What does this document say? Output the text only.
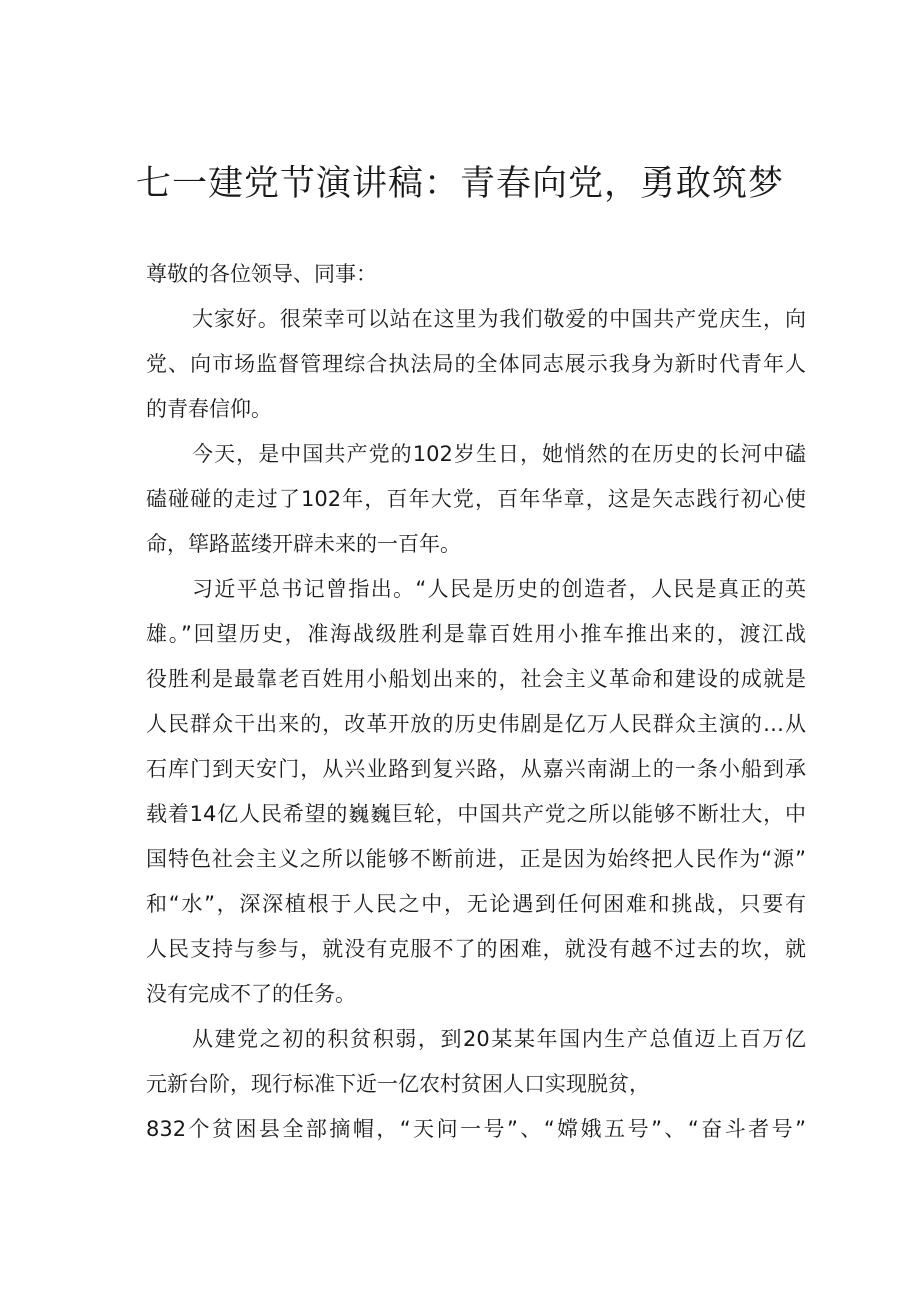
七一建党节演讲稿：青春向党，勇敢筑梦
尊敬的各位领导、同事：
大家好。很荣幸可以站在这里为我们敬爱的中国共产党庆生，向
党、向市场监督管理综合执法局的全体同志展示我身为新时代青年人
的青春信仰。
今天，是中国共产党的102岁生日，她悄然的在历史的长河中磕
磕碰碰的走过了102年，百年大党，百年华章，这是矢志践行初心使
命，筚路蓝缕开辟未来的一百年。
习近平总书记曾指出。“人民是历史的创造者，人民是真正的英
雄。”回望历史，准海战级胜利是靠百姓用小推车推出来的，渡江战
役胜利是最靠老百姓用小船划出来的，社会主义革命和建设的成就是
人民群众干出来的，改革开放的历史伟剧是亿万人民群众主演的…从
石库门到天安门，从兴业路到复兴路，从嘉兴南湖上的一条小船到承
载着14亿人民希望的巍巍巨轮，中国共产党之所以能够不断壮大，中
国特色社会主义之所以能够不断前进，正是因为始终把人民作为“源”
和“水”，深深植根于人民之中，无论遇到任何困难和挑战，只要有
人民支持与参与，就没有克服不了的困难，就没有越不过去的坎，就
没有完成不了的任务。
从建党之初的积贫积弱，到20某某年国内生产总值迈上百万亿
元新台阶，现行标准下近一亿农村贫困人口实现脱贫，
832个贫困县全部摘帽，“天问一号”、“嫦娥五号”、“奋斗者号”
